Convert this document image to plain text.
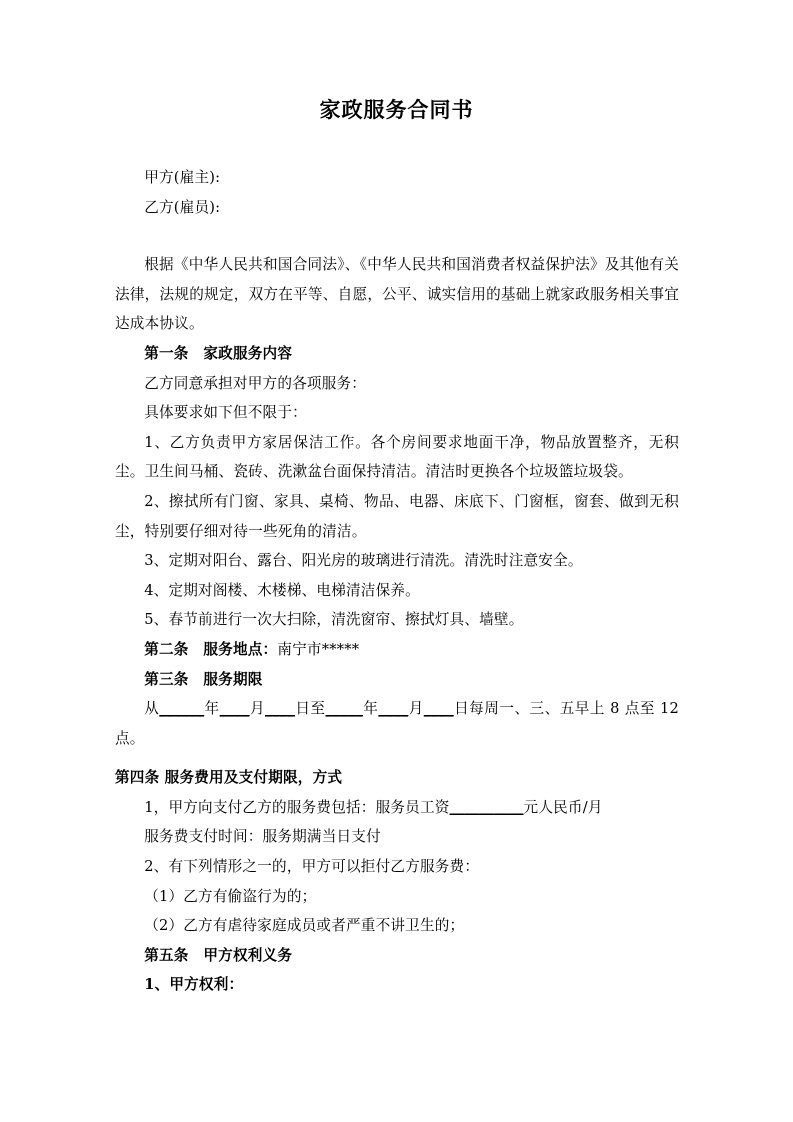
家政服务合同书

甲方(雇主):

乙方(雇员):

根据《中华人民共和国合同法》、《中华人民共和国消费者权益保护法》及其他有关法律，法规的规定，双方在平等、自愿，公平、诚实信用的基础上就家政服务相关事宜达成本协议。

第一条　家政服务内容

乙方同意承担对甲方的各项服务：

具体要求如下但不限于：

1、乙方负责甲方家居保洁工作。各个房间要求地面干净，物品放置整齐，无积尘。卫生间马桶、瓷砖、洗漱盆台面保持清洁。清洁时更换各个垃圾篮垃圾袋。

2、擦拭所有门窗、家具、桌椅、物品、电器、床底下、门窗框，窗套、做到无积尘，特别要仔细对待一些死角的清洁。

3、定期对阳台、露台、阳光房的玻璃进行清洗。清洗时注意安全。

4、定期对阁楼、木楼梯、电梯清洁保养。

5、春节前进行一次大扫除，清洗窗帘、擦拭灯具、墙壁。

第二条　服务地点：南宁市*****

第三条　服务期限

从______年____月____日至_____年____月____日每周一、三、五早上 8 点至 12 点。

第四条 服务费用及支付期限，方式

1，甲方向支付乙方的服务费包括：服务员工资＿＿＿＿＿元人民币/月

服务费支付时间：服务期满当日支付

2、有下列情形之一的，甲方可以拒付乙方服务费：

（1）乙方有偷盗行为的；

（2）乙方有虐待家庭成员或者严重不讲卫生的；

第五条　甲方权利义务

1、甲方权利：
